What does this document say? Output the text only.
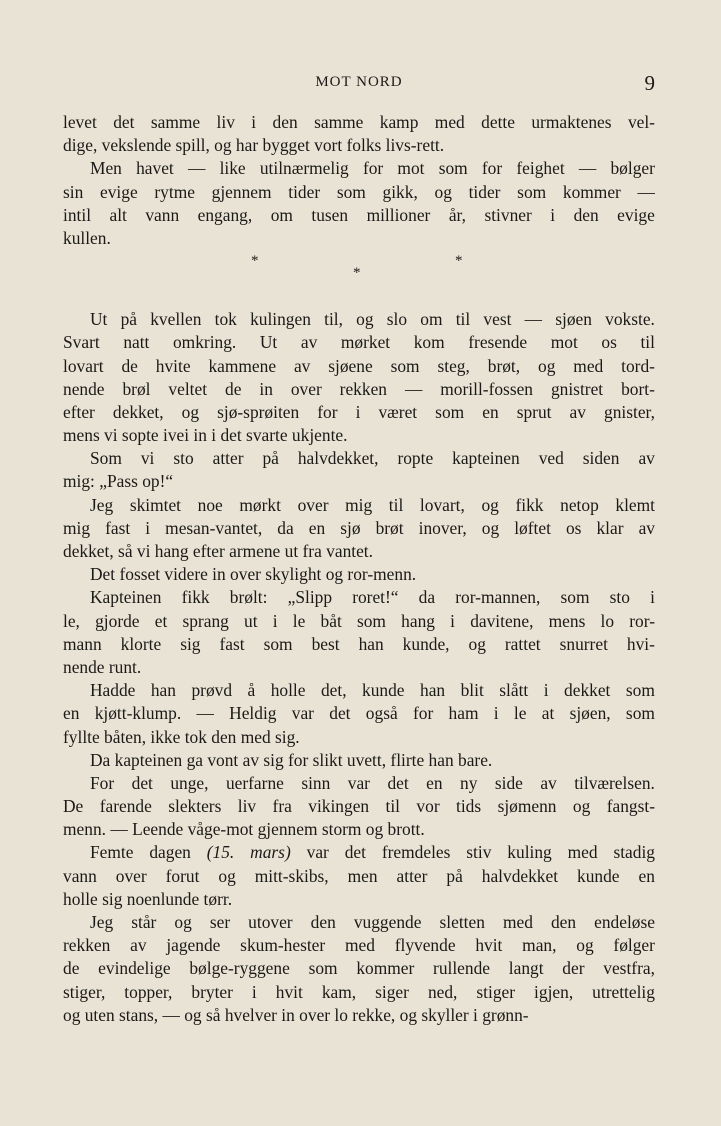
MOT NORD	9
levet det samme liv i den samme kamp med dette urmaktenes vel-
dige, vekslende spill, og har bygget vort folks livs-rett.
Men havet — like utilnærmelig for mot som for feighet — bølger
sin evige rytme gjennem tider som gikk, og tider som kommer —
intil alt vann engang, om tusen millioner år, stivner i den evige
kullen.
*	*
*
Ut på kvellen tok kulingen til, og slo om til vest — sjøen vokste.
Svart natt omkring. Ut av mørket kom fresende mot os til
lovart de hvite kammene av sjøene som steg, brøt, og med tord-
nende brøl veltet de in over rekken — morill-fossen gnistret bort-
efter dekket, og sjø-sprøiten for i været som en sprut av gnister,
mens vi sopte ivei in i det svarte ukjente.
Som vi sto atter på halvdekket, ropte kapteinen ved siden av
mig: „Pass op!“
Jeg skimtet noe mørkt over mig til lovart, og fikk netop klemt
mig fast i mesan-vantet, da en sjø brøt inover, og løftet os klar av
dekket, så vi hang efter armene ut fra vantet.
Det fosset videre in over skylight og ror-menn.
Kapteinen fikk brølt: „Slipp roret!“ da ror-mannen, som sto i
le, gjorde et sprang ut i le båt som hang i davitene, mens lo ror-
mann klorte sig fast som best han kunde, og rattet snurret hvi-
nende runt.
Hadde han prøvd å holle det, kunde han blit slått i dekket som
en kjøtt-klump. — Heldig var det også for ham i le at sjøen, som
fyllte båten, ikke tok den med sig.
Da kapteinen ga vont av sig for slikt uvett, flirte han bare.
For det unge, uerfarne sinn var det en ny side av tilværelsen.
De farende slekters liv fra vikingen til vor tids sjømenn og fangst-
menn. — Leende våge-mot gjennem storm og brott.
Femte dagen (15. mars) var det fremdeles stiv kuling med stadig
vann over forut og mitt-skibs, men atter på halvdekket kunde en
holle sig noenlunde tørr.
Jeg står og ser utover den vuggende sletten med den endeløse
rekken av jagende skum-hester med flyvende hvit man, og følger
de evindelige bølge-ryggene som kommer rullende langt der vestfra,
stiger, topper, bryter i hvit kam, siger ned, stiger igjen, utrettelig
og uten stans, — og så hvelver in over lo rekke, og skyller i grønn-
